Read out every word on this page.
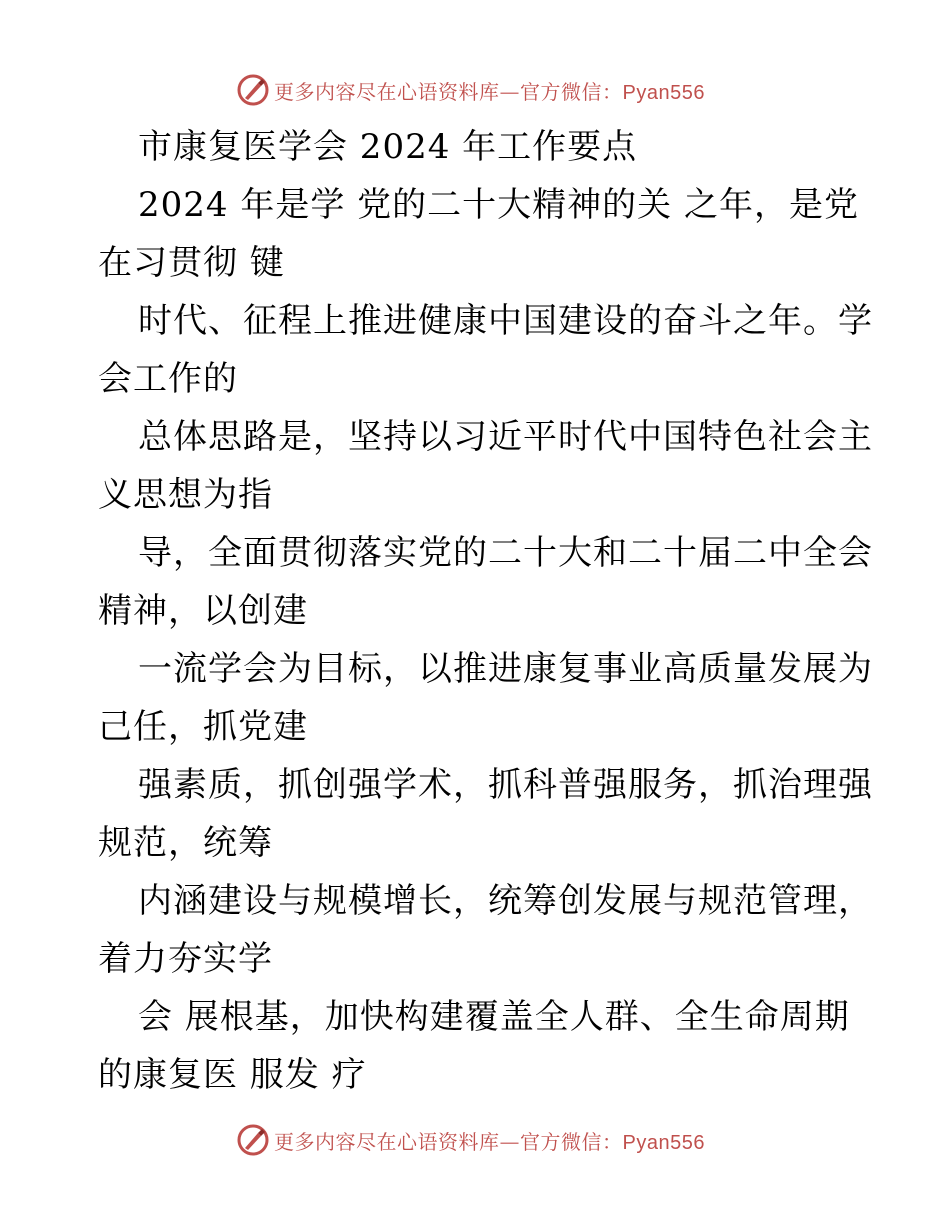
更多内容尽在心语资料库—官方微信：Pyan556
市康复医学会 2024 年工作要点
2024 年是学 党的二十大精神的关 之年，是党
在习贯彻 键
时代、征程上推进健康中国建设的奋斗之年。学
会工作的
总体思路是，坚持以习近平时代中国特色社会主
义思想为指
导，全面贯彻落实党的二十大和二十届二中全会
精神，以创建
一流学会为目标，以推进康复事业高质量发展为
己任，抓党建
强素质，抓创强学术，抓科普强服务，抓治理强
规范，统筹
内涵建设与规模增长，统筹创发展与规范管理，
着力夯实学
会 展根基，加快构建覆盖全人群、全生命周期
的康复医 服发 疗
更多内容尽在心语资料库—官方微信：Pyan556
